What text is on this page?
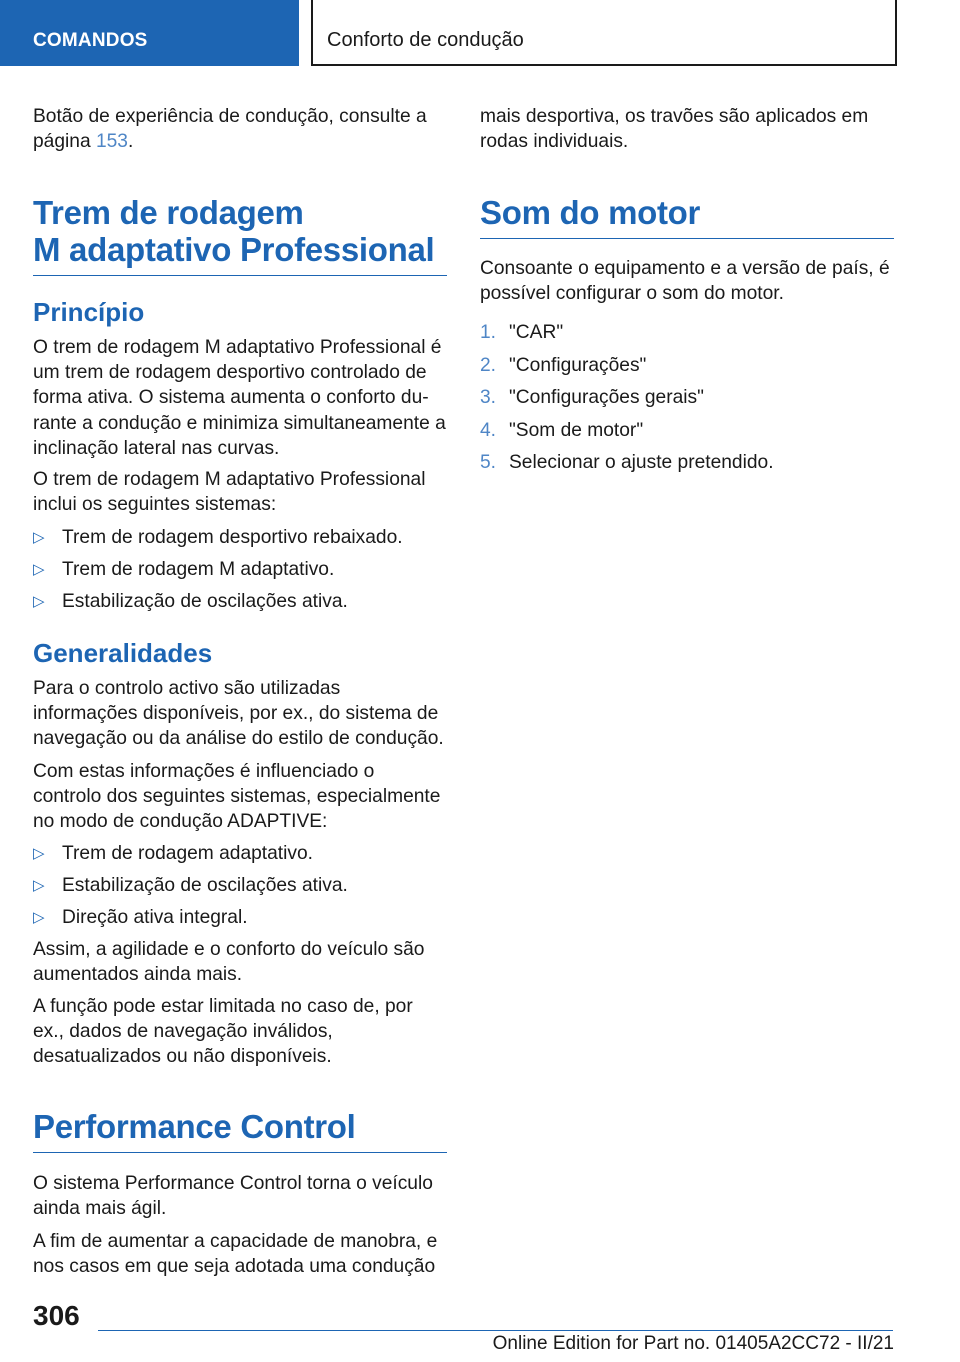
COMANDOS	Conforto de condução

Botão de experiência de condução, consulte a página 153.

Trem de rodagem
M adaptativo Professional
Princípio

O trem de rodagem M adaptativo Professional é um trem de rodagem desportivo controlado de forma ativa. O sistema aumenta o conforto durante a condução e minimiza simultaneamente a inclinação lateral nas curvas.

O trem de rodagem M adaptativo Professional inclui os seguintes sistemas:

▷ Trem de rodagem desportivo rebaixado.
▷ Trem de rodagem M adaptativo.
▷ Estabilização de oscilações ativa.
Generalidades

Para o controlo activo são utilizadas informações disponíveis, por ex., do sistema de navegação ou da análise do estilo de condução.

Com estas informações é influenciado o controlo dos seguintes sistemas, especialmente no modo de condução ADAPTIVE:

▷ Trem de rodagem adaptativo.
▷ Estabilização de oscilações ativa.
▷ Direção ativa integral.

Assim, a agilidade e o conforto do veículo são aumentados ainda mais.

A função pode estar limitada no caso de, por ex., dados de navegação inválidos, desatualizados ou não disponíveis.

Performance Control

O sistema Performance Control torna o veículo ainda mais ágil.

A fim de aumentar a capacidade de manobra, e nos casos em que seja adotada uma condução

mais desportiva, os travões são aplicados em rodas individuais.

Som do motor

Consoante o equipamento e a versão de país, é possível configurar o som do motor.

1. "CAR"
2. "Configurações"
3. "Configurações gerais"
4. "Som de motor"
5. Selecionar o ajuste pretendido.
306
Online Edition for Part no. 01405A2CC72 - II/21
